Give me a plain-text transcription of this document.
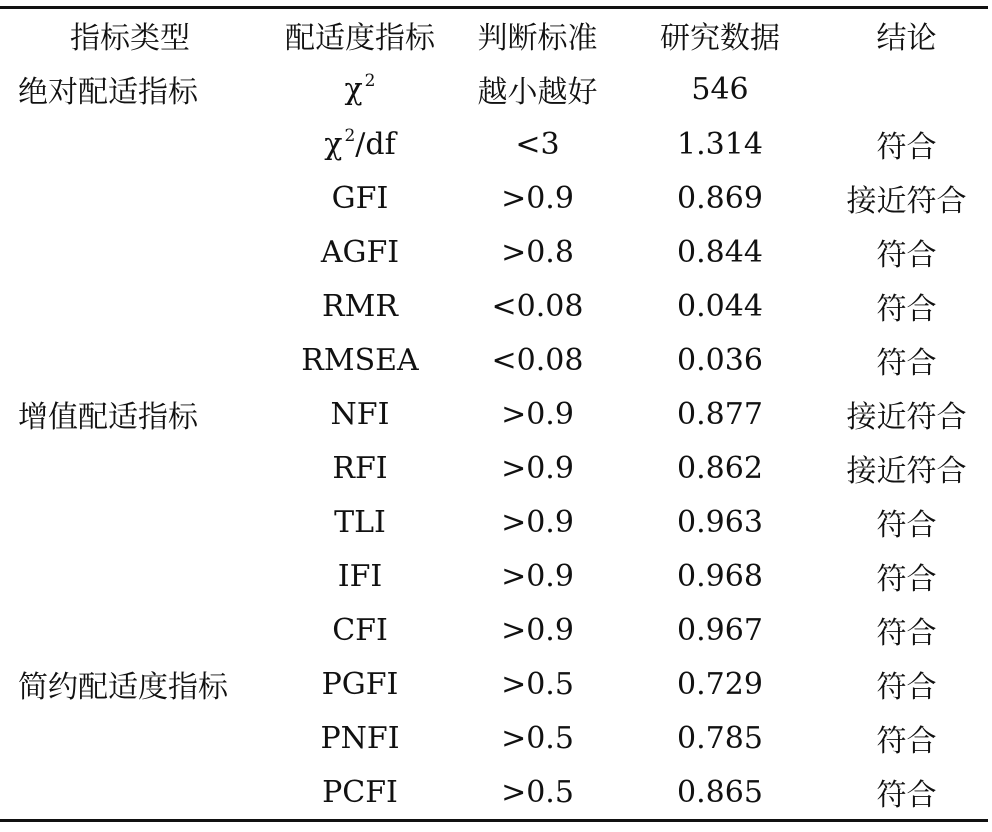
指标类型	配适度指标	判断标准	研究数据	结论
绝对配适指标	χ $^2$	越小越好	546	
	χ $^2$/df	<3	1.314	符合
	GFI	>0.9	0.869	接近符合
	AGFI	>0.8	0.844	符合
	RMR	<0.08	0.044	符合
	RMSEA	<0.08	0.036	符合
增值配适指标	NFI	>0.9	0.877	接近符合
	RFI	>0.9	0.862	接近符合
	TLI	>0.9	0.963	符合
	IFI	>0.9	0.968	符合
	CFI	>0.9	0.967	符合
简约配适度指标	PGFI	>0.5	0.729	符合
	PNFI	>0.5	0.785	符合
	PCFI	>0.5	0.865	符合
